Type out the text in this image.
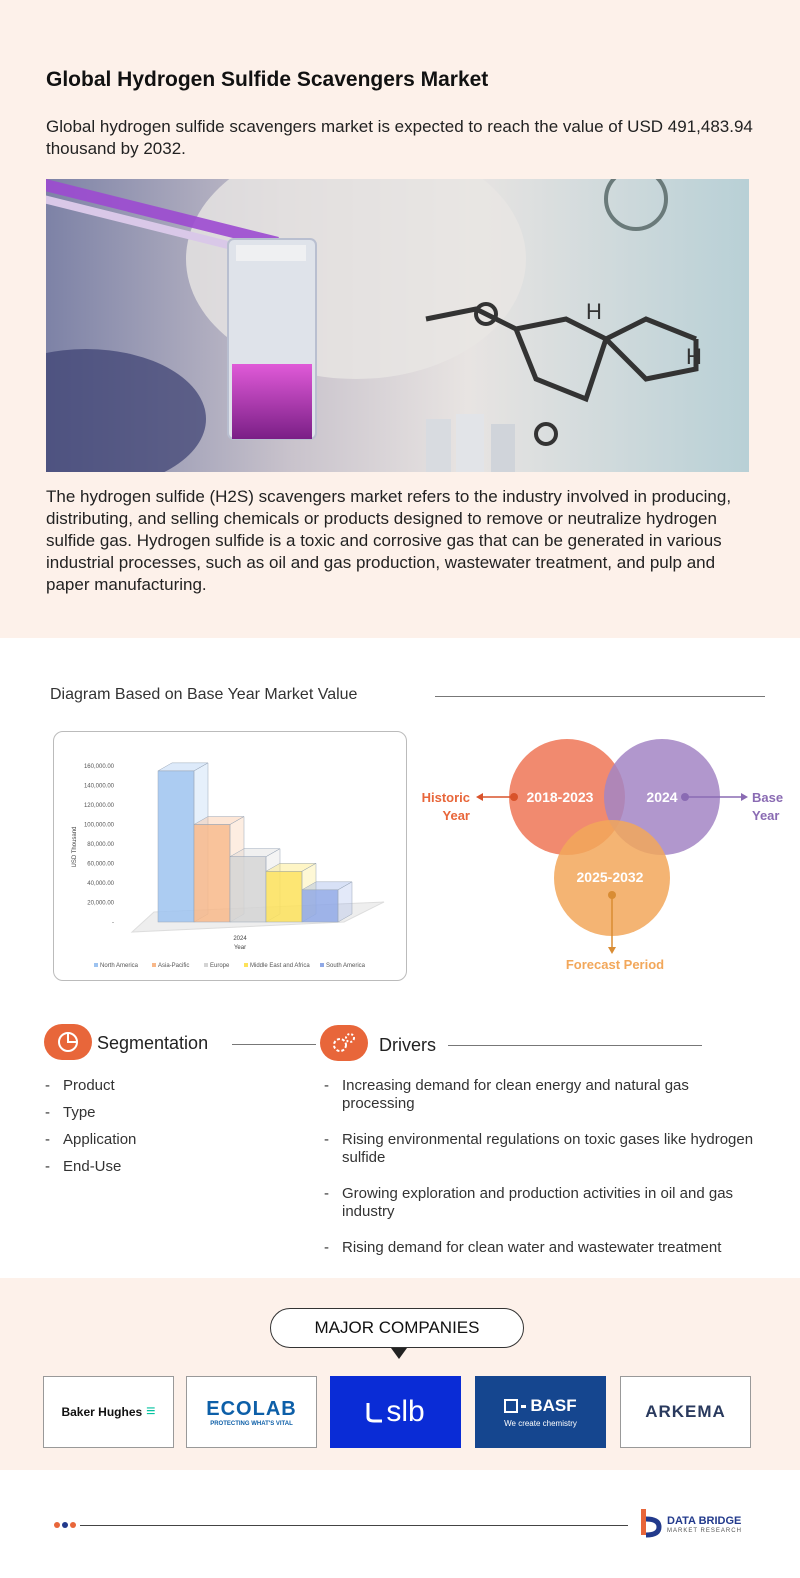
Global Hydrogen Sulfide Scavengers Market
Global hydrogen sulfide scavengers market is expected to reach the value of USD 491,483.94 thousand by 2032.
H
H
The hydrogen sulfide (H2S) scavengers market refers to the industry involved in producing, distributing, and selling chemicals or products designed to remove or neutralize hydrogen sulfide gas. Hydrogen sulfide is a toxic and corrosive gas that can be generated in various industrial processes, such as oil and gas production, wastewater treatment, and pulp and paper manufacturing.
Diagram Based on Base Year Market Value
160,000.00
140,000.00
120,000.00
100,000.00
80,000.00
60,000.00
40,000.00
20,000.00
-
USD Thousand
2024
Year
North America	Asia-Pacific	Europe	Middle East and Africa	South America
2018-2023	2024
2025-2032
Historic
Year
Base
Year
Forecast Period
Segmentation
- Product
- Type
- Application
- End-Use
Drivers
- Increasing demand for clean energy and natural gas processing
- Rising environmental regulations on toxic gases like hydrogen sulfide
- Growing exploration and production activities in oil and gas industry
- Rising demand for clean water and wastewater treatment
MAJOR COMPANIES
Baker Hughes ≡	ECOLAB
PROTECTING WHAT'S VITAL	slb	BASF
We create chemistry
ARKEMA
DATA BRIDGE
MARKET RESEARCH
